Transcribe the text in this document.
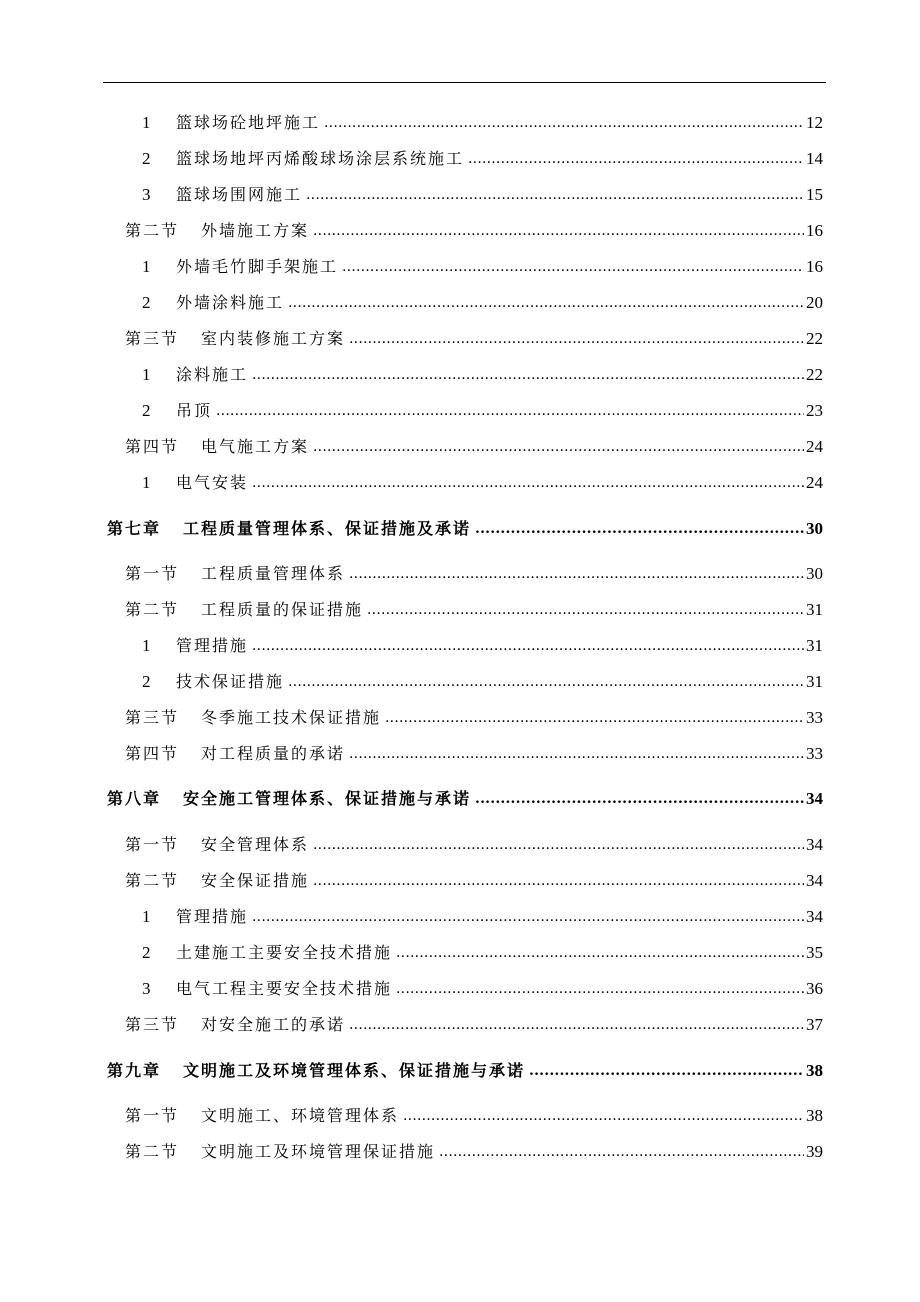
1	篮球场砼地坪施工 .....	12
2	篮球场地坪丙烯酸球场涂层系统施工 .....	14
3	篮球场围网施工 .....	15
第二节 外墙施工方案 .....	16
1	外墙毛竹脚手架施工 .....	16
2	外墙涂料施工 .....	20
第三节 室内装修施工方案 .....	22
1	涂料施工 .....	22
2	吊顶 .....	23
第四节 电气施工方案 .....	24
1	电气安装 .....	24
第七章 工程质量管理体系、保证措施及承诺 .....	30
第一节 工程质量管理体系 .....	30
第二节 工程质量的保证措施 .....	31
1	管理措施 .....	31
2	技术保证措施 .....	31
第三节 冬季施工技术保证措施 .....	33
第四节 对工程质量的承诺 .....	33
第八章 安全施工管理体系、保证措施与承诺 .....	34
第一节 安全管理体系 .....	34
第二节 安全保证措施 .....	34
1	管理措施 .....	34
2	土建施工主要安全技术措施 .....	35
3	电气工程主要安全技术措施 .....	36
第三节 对安全施工的承诺 .....	37
第九章 文明施工及环境管理体系、保证措施与承诺 .....	38
第一节 文明施工、环境管理体系 .....	38
第二节 文明施工及环境管理保证措施 .....	39
